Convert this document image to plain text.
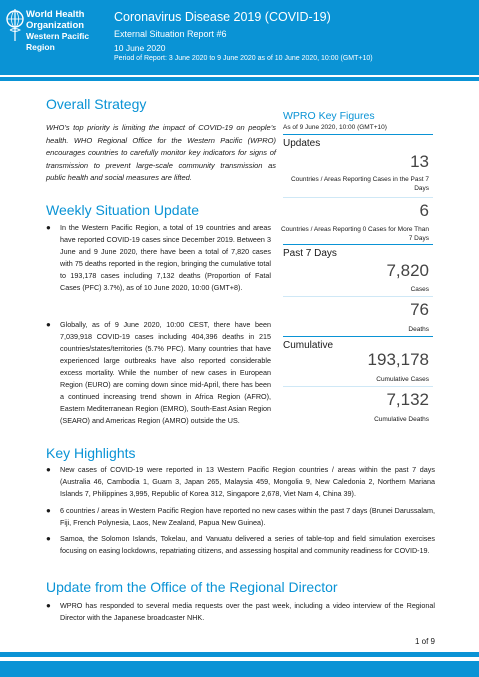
World Health
Organization
Western Pacific Region
Coronavirus Disease 2019 (COVID-19)
External Situation Report #6
10 June 2020
Period of Report: 3 June 2020 to 9 June 2020 as of 10 June 2020, 10:00 (GMT+10)
Overall Strategy
WHO’s top priority is limiting the impact of COVID-19 on people’s health. WHO Regional Office for the Western Pacific (WPRO) encourages countries to carefully monitor key indicators for signs of transmission to prevent large-scale community transmission as public health and social measures are lifted.
Weekly Situation Update
● In the Western Pacific Region, a total of 19 countries and areas have reported COVID-19 cases since December 2019. Between 3 June and 9 June 2020, there have been a total of 7,820 cases with 75 deaths reported in the region, bringing the cumulative total to 193,178 cases including 7,132 deaths (Proportion of Fatal Cases (PFC) 3.7%), as of 10 June 2020, 10:00 (GMT+8).
● Globally, as of 9 June 2020, 10:00 CEST, there have been 7,039,918 COVID-19 cases including 404,396 deaths in 215 countries/states/territories (5.7% PFC). Many countries that have experienced large outbreaks have also reported considerable excess mortality. While the number of new cases in European Region (EURO) are coming down since mid-April, there has been a continued increasing trend shown in Africa Region (AFRO), Eastern Mediterranean Region (EMRO), South-East Asian Region (SEARO) and Americas Region (AMRO) outside the US.
WPRO Key Figures
As of 9 June 2020, 10:00 (GMT+10)
Updates
13
Countries / Areas Reporting Cases in the Past 7 Days
6
Countries / Areas Reporting 0 Cases for More Than 7 Days
Past 7 Days
7,820
Cases
76
Deaths
Cumulative
193,178
Cumulative Cases
7,132
Cumulative Deaths
Key Highlights
● New cases of COVID-19 were reported in 13 Western Pacific Region countries / areas within the past 7 days (Australia 46, Cambodia 1, Guam 3, Japan 265, Malaysia 459, Mongolia 9, New Caledonia 2, Northern Mariana Islands 7, Philippines 3,995, Republic of Korea 312, Singapore 2,678, Viet Nam 4, China 39).
● 6 countries / areas in Western Pacific Region have reported no new cases within the past 7 days (Brunei Darussalam, Fiji, French Polynesia, Laos, New Zealand, Papua New Guinea).
● Samoa, the Solomon Islands, Tokelau, and Vanuatu delivered a series of table-top and field simulation exercises focusing on easing lockdowns, repatriating citizens, and assessing hospital and community readiness for COVID-19.
Update from the Office of the Regional Director
● WPRO has responded to several media requests over the past week, including a video interview of the Regional Director with the Japanese broadcaster NHK.
1 of 9
